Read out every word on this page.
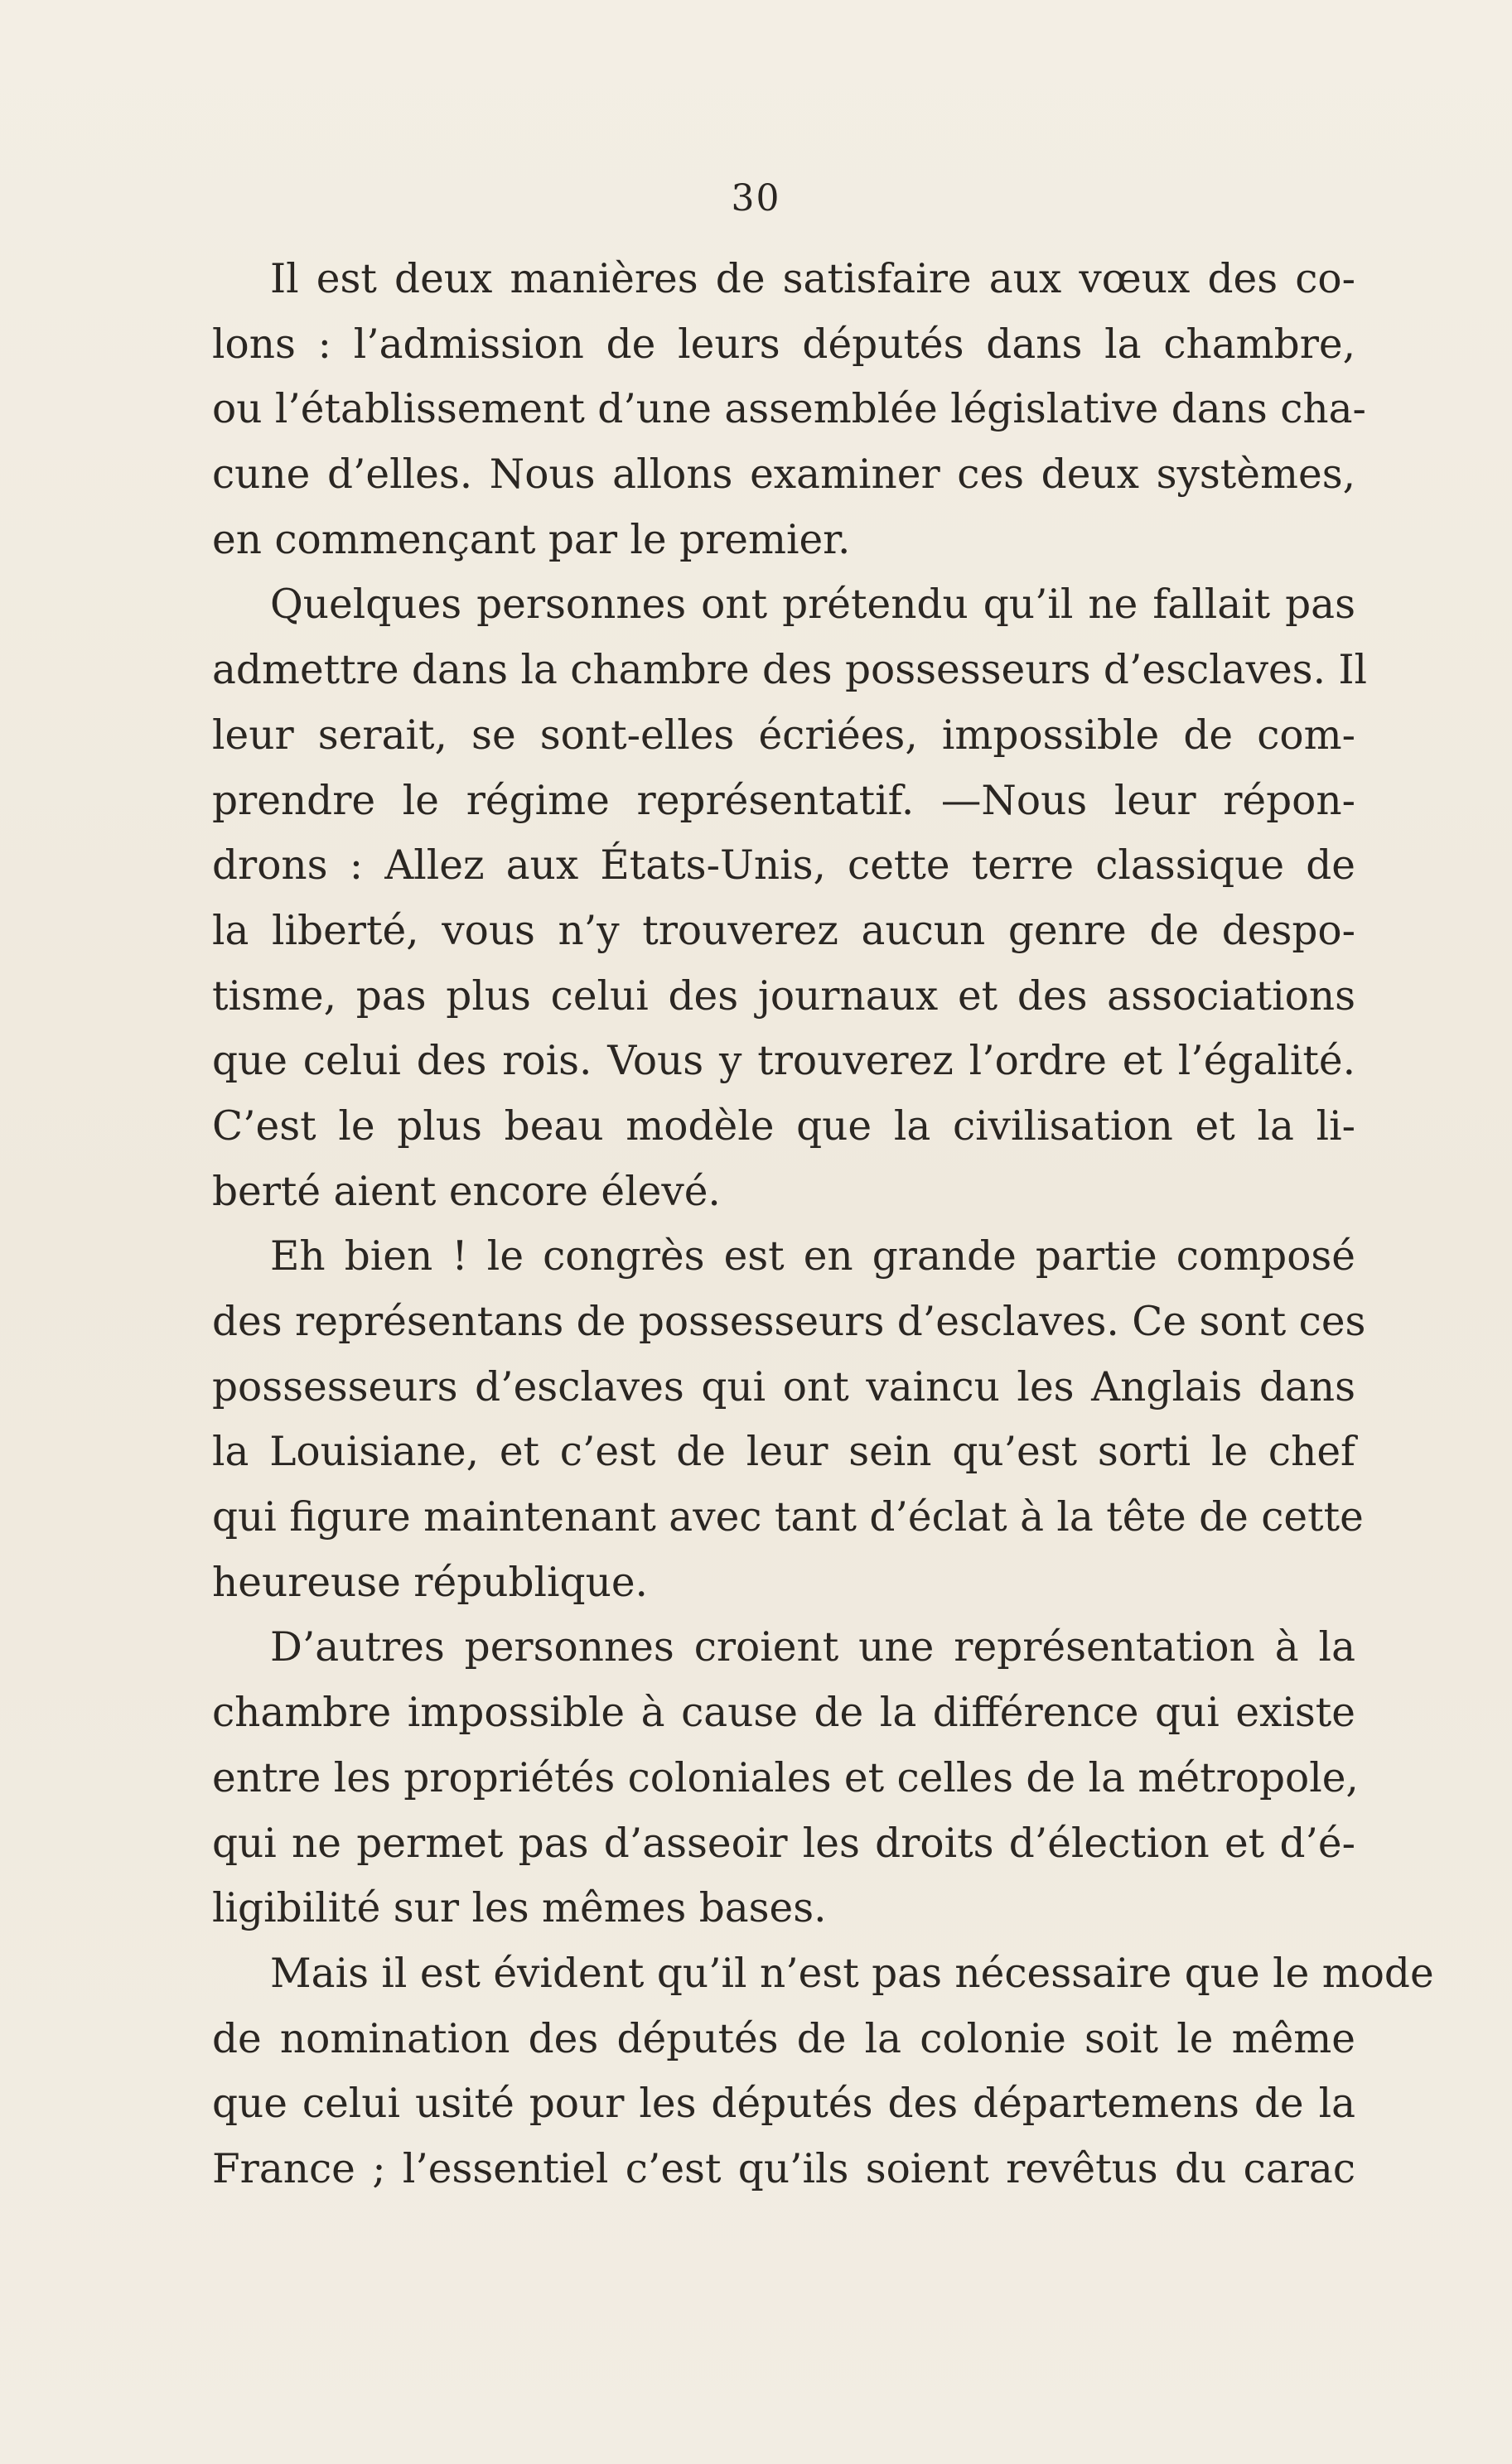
30
Il est deux manières de satisfaire aux vœux des co-
lons : l’admission de leurs députés dans la chambre,
ou l’établissement d’une assemblée législative dans cha-
cune d’elles. Nous allons examiner ces deux systèmes,
en commençant par le premier.
Quelques personnes ont prétendu qu’il ne fallait pas
admettre dans la chambre des possesseurs d’esclaves. Il
leur serait, se sont-elles écriées, impossible de com-
prendre le régime représentatif. —Nous leur répon-
drons : Allez aux États-Unis, cette terre classique de
la liberté, vous n’y trouverez aucun genre de despo-
tisme, pas plus celui des journaux et des associations
que celui des rois. Vous y trouverez l’ordre et l’égalité.
C’est le plus beau modèle que la civilisation et la li-
berté aient encore élevé.
Eh bien ! le congrès est en grande partie composé
des représentans de possesseurs d’esclaves. Ce sont ces
possesseurs d’esclaves qui ont vaincu les Anglais dans
la Louisiane, et c’est de leur sein qu’est sorti le chef
qui figure maintenant avec tant d’éclat à la tête de cette
heureuse république.
D’autres personnes croient une représentation à la
chambre impossible à cause de la différence qui existe
entre les propriétés coloniales et celles de la métropole,
qui ne permet pas d’asseoir les droits d’élection et d’é-
ligibilité sur les mêmes bases.
Mais il est évident qu’il n’est pas nécessaire que le mode
de nomination des députés de la colonie soit le même
que celui usité pour les députés des départemens de la
France ; l’essentiel c’est qu’ils soient revêtus du carac
